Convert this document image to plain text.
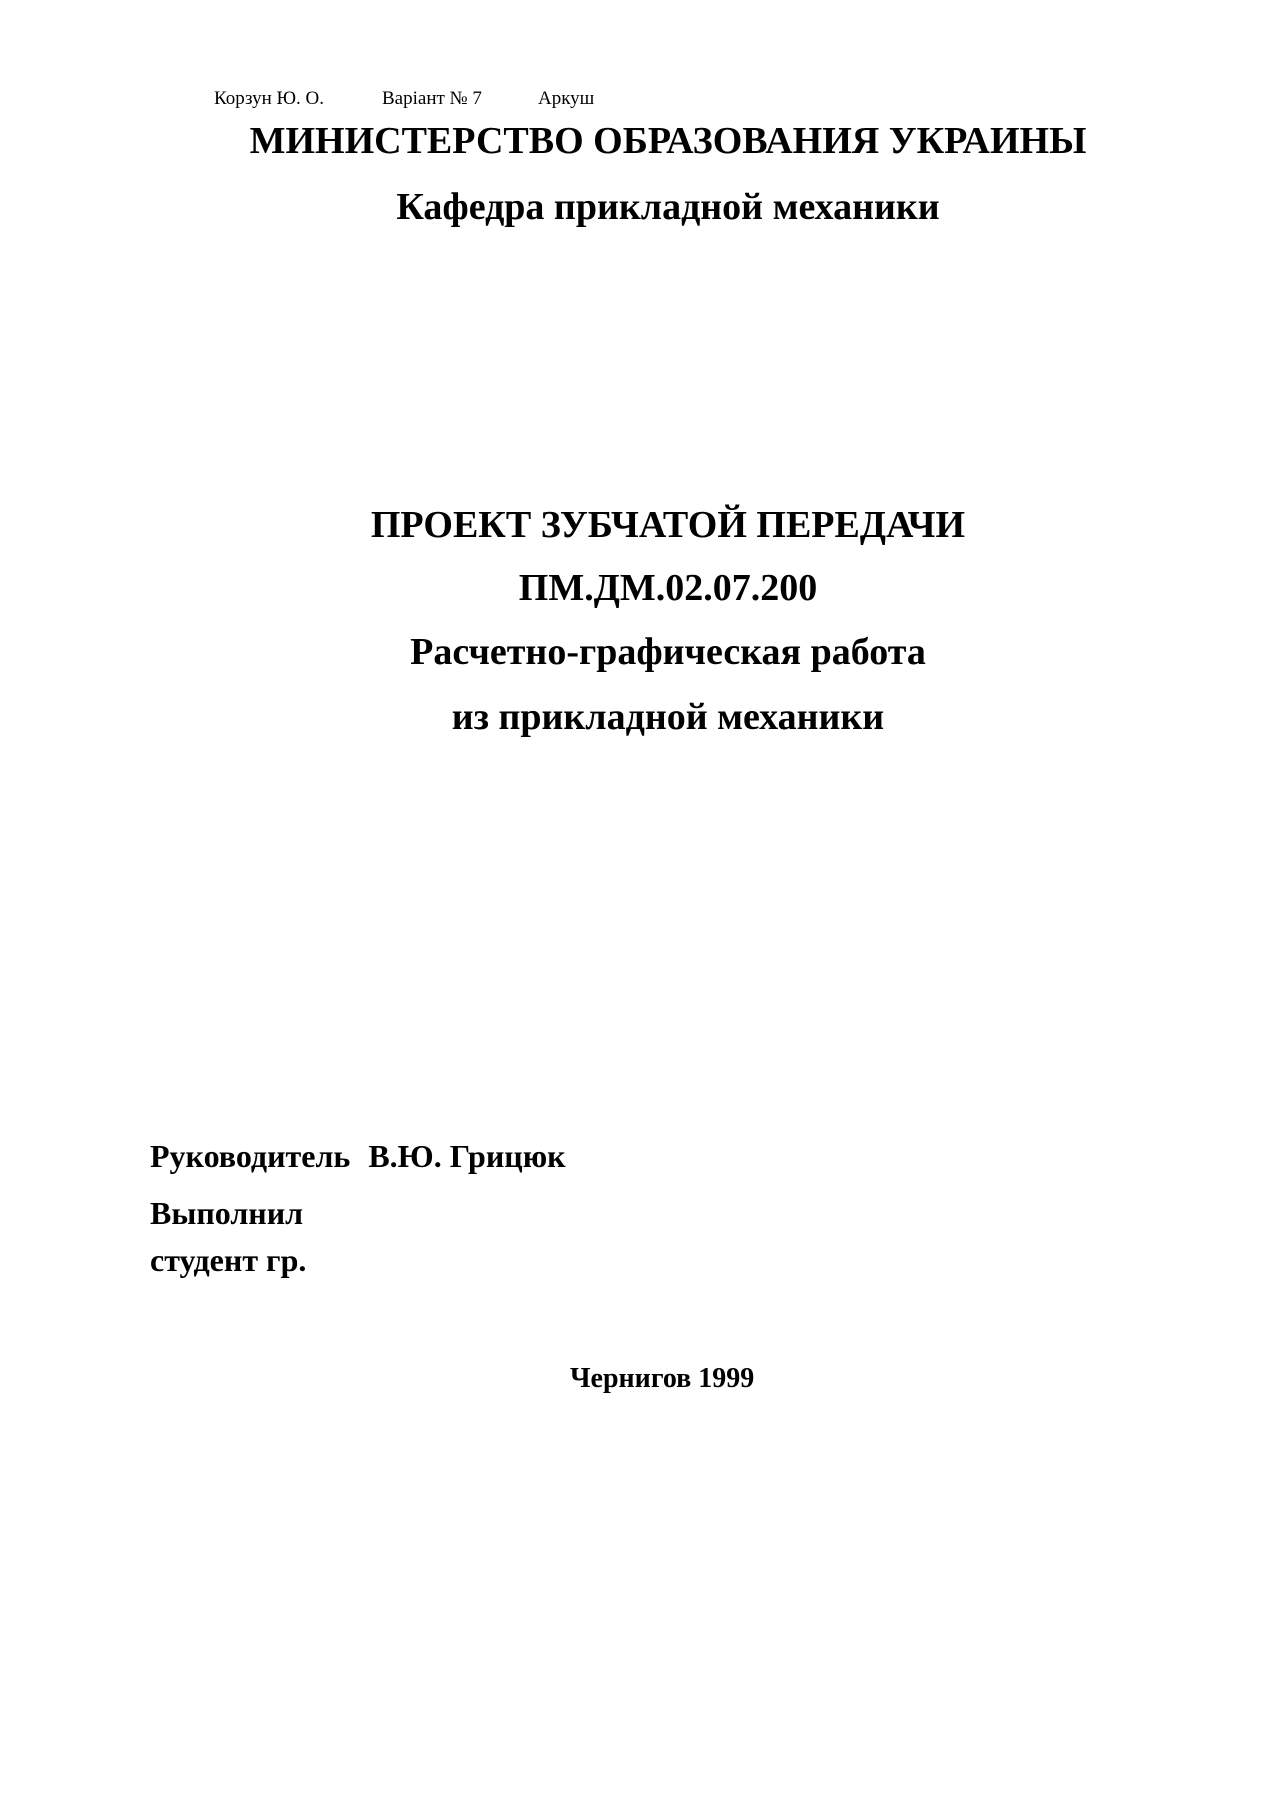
Корзун Ю. О.	Варіант № 7	Аркуш
МИНИСТЕРСТВО ОБРАЗОВАНИЯ УКРАИНЫ
Кафедра прикладной механики
ПРОЕКТ ЗУБЧАТОЙ ПЕРЕДАЧИ
ПМ.ДМ.02.07.200
Расчетно-графическая работа
из прикладной механики
Руководитель В.Ю. Грицюк
Выполнил
студент гр.
Чернигов 1999
